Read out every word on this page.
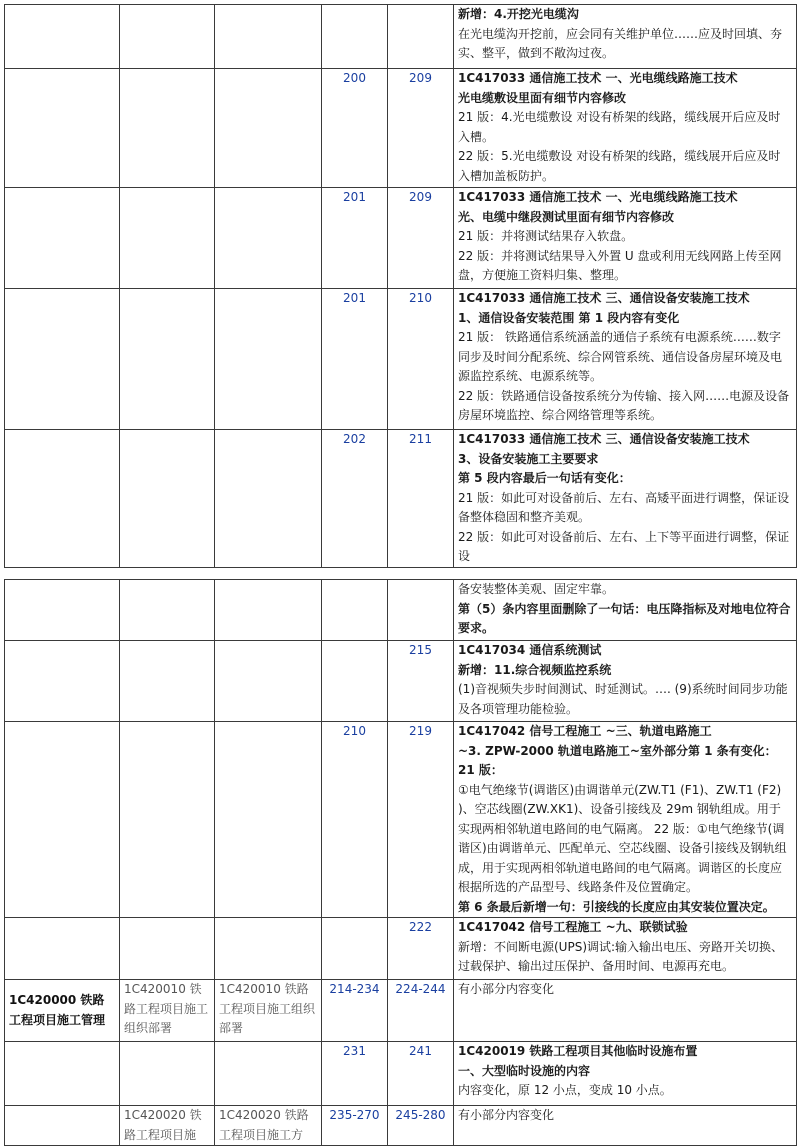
					新增：4.开挖光电缆沟
在光电缆沟开挖前，应会同有关维护单位……应及时回填、夯实、整平，做到不敞沟过夜。

			200	209	1C417033 通信施工技术 一、光电缆线路施工技术
光电缆敷设里面有细节内容修改
21 版：4.光电缆敷设 对设有桥架的线路，缆线展开后应及时入槽。
22 版：5.光电缆敷设 对设有桥架的线路，缆线展开后应及时入槽加盖板防护。

			201	209	1C417033 通信施工技术 一、光电缆线路施工技术
光、电缆中继段测试里面有细节内容修改
21 版：并将测试结果存入软盘。
22 版：并将测试结果导入外置 U 盘或利用无线网路上传至网盘，方便施工资料归集、整理。

			201	210	1C417033 通信施工技术 三、通信设备安装施工技术
1、通信设备安装范围 第 1 段内容有变化
21 版： 铁路通信系统涵盖的通信子系统有电源系统……数字同步及时间分配系统、综合网管系统、通信设备房屋环境及电源监控系统、电源系统等。
22 版：铁路通信设备按系统分为传输、接入网……电源及设备房屋环境监控、综合网络管理等系统。

			202	211	1C417033 通信施工技术 三、通信设备安装施工技术
3、设备安装施工主要要求
第 5 段内容最后一句话有变化：
21 版：如此可对设备前后、左右、高矮平面进行调整，保证设备整体稳固和整齐美观。
22 版：如此可对设备前后、左右、上下等平面进行调整，保证设

					备安装整体美观、固定牢靠。
第（5）条内容里面删除了一句话：电压降指标及对地电位符合要求。

				215	1C417034 通信系统测试
新增：11.综合视频监控系统
(1)音视频失步时间测试、时延测试。…. (9)系统时间同步功能及各项管理功能检验。

			210	219	1C417042 信号工程施工 ~三、轨道电路施工
~3. ZPW-2000 轨道电路施工~室外部分第 1 条有变化：21 版：
①电气绝缘节(调谐区)由调谐单元(ZW.T1 (F1)、ZW.T1 (F2) )、空芯线圈(ZW.XK1)、设备引接线及 29m 钢轨组成。用于实现两相邻轨道电路间的电气隔离。 22 版：①电气绝缘节(调谐区)由调谐单元、匹配单元、空芯线圈、设备引接线及钢轨组成，用于实现两相邻轨道电路间的电气隔离。调谐区的长度应根据所选的产品型号、线路条件及位置确定。
第 6 条最后新增一句：引接线的长度应由其安装位置决定。

				222	1C417042 信号工程施工 ~九、联锁试验
新增：不间断电源(UPS)调试:输入输出电压、旁路开关切换、过载保护、输出过压保护、备用时间、电源再充电。

1C420000 铁路工程项目施工管理	1C420010 铁路工程项目施工组织部署	1C420010 铁路工程项目施工组织部署	214-234	224-244	有小部分内容变化
			231	241	1C420019 铁路工程项目其他临时设施布置
一、大型临时设施的内容
内容变化，原 12 小点，变成 10 小点。

	1C420020 铁路工程项目施	1C420020 铁路工程项目施工方	235-270	245-280	有小部分内容变化
